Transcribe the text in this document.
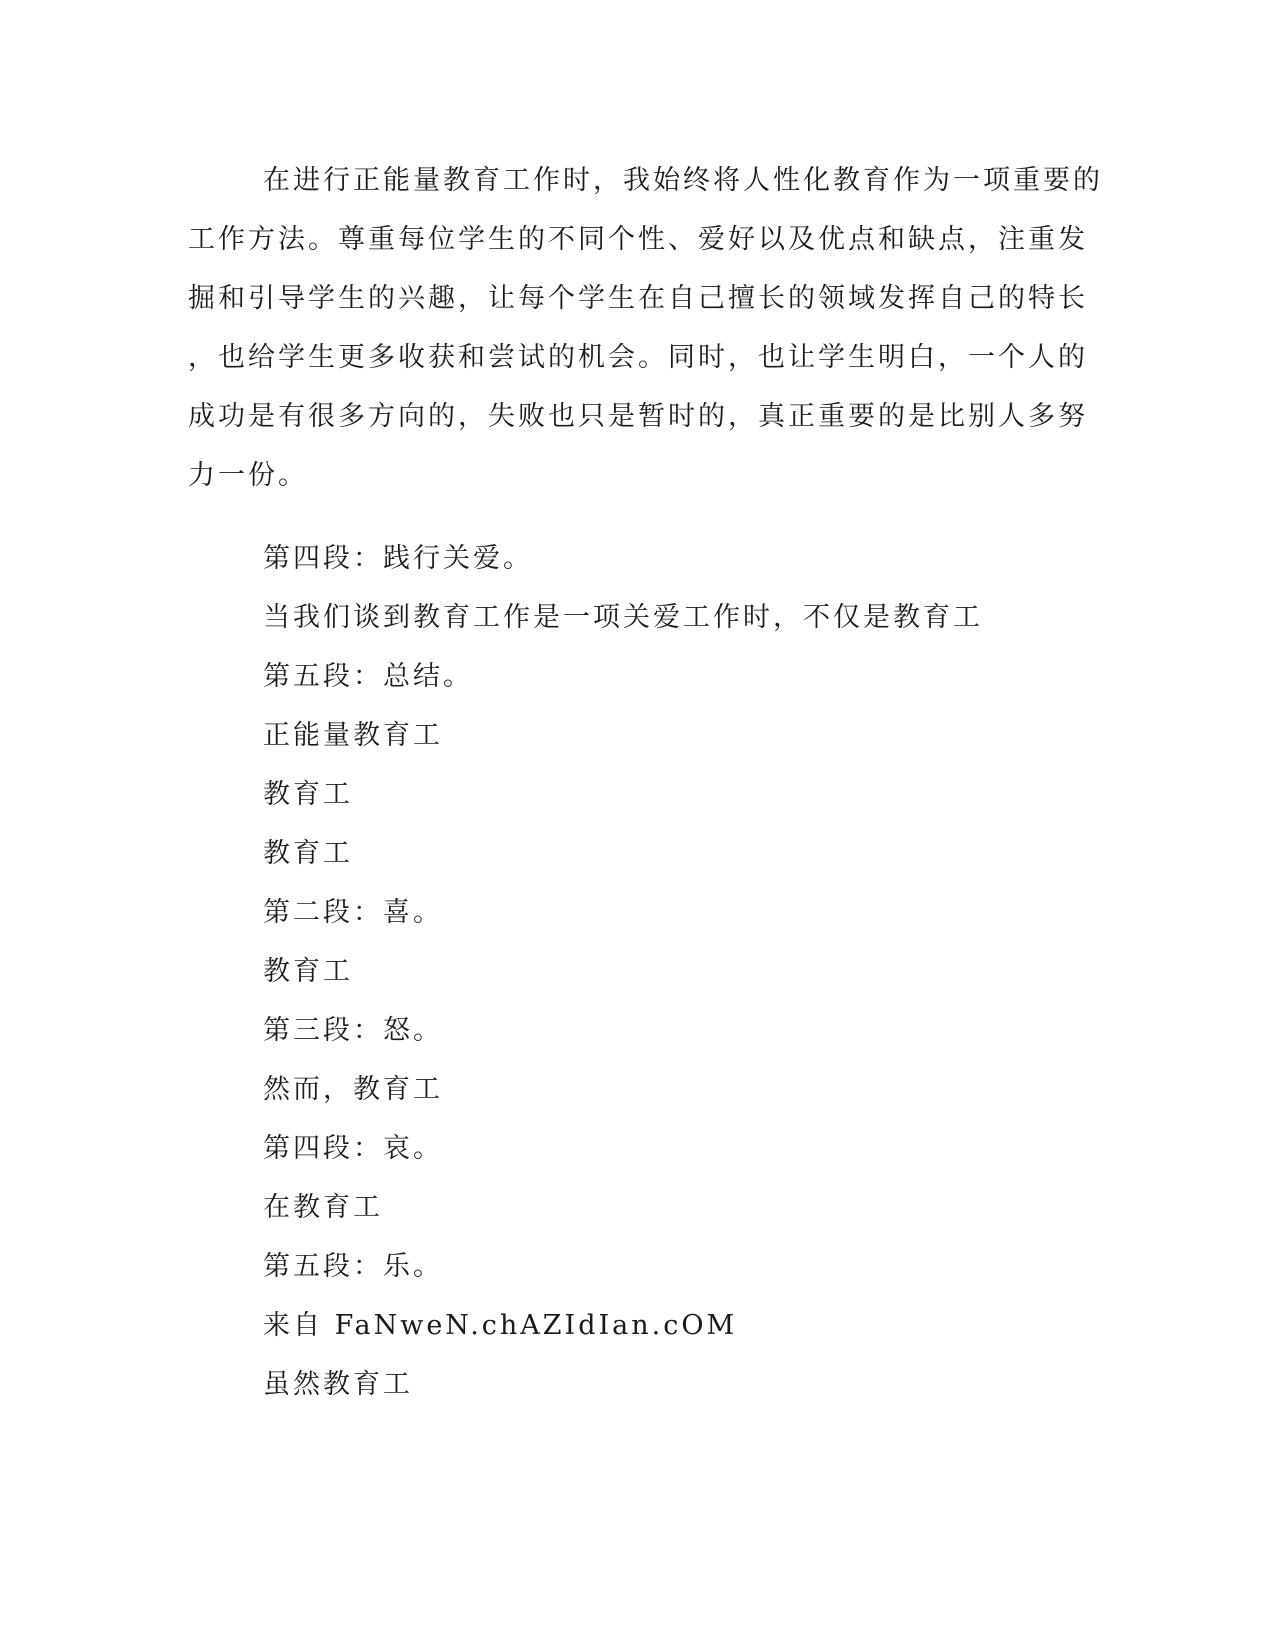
在进行正能量教育工作时，我始终将人性化教育作为一项重要的
工作方法。尊重每位学生的不同个性、爱好以及优点和缺点，注重发
掘和引导学生的兴趣，让每个学生在自己擅长的领域发挥自己的特长
，也给学生更多收获和尝试的机会。同时，也让学生明白，一个人的
成功是有很多方向的，失败也只是暂时的，真正重要的是比别人多努
力一份。
第四段：践行关爱。
当我们谈到教育工作是一项关爱工作时，不仅是教育工
第五段：总结。
正能量教育工
教育工
教育工
第二段：喜。
教育工
第三段：怒。
然而，教育工
第四段：哀。
在教育工
第五段：乐。
来自 FaNweN.chAZIdIan.cOM
虽然教育工
